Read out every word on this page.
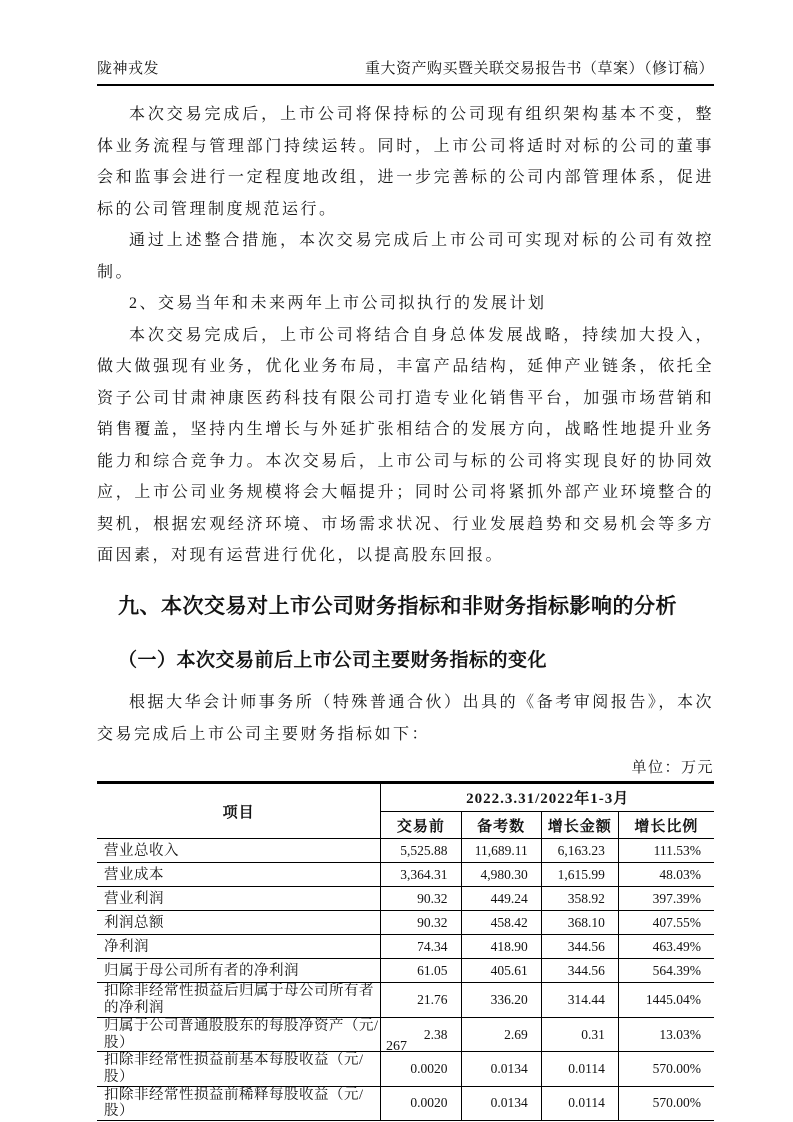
陇神戎发	重大资产购买暨关联交易报告书（草案）（修订稿）

本次交易完成后，上市公司将保持标的公司现有组织架构基本不变，整体业务流程与管理部门持续运转。同时，上市公司将适时对标的公司的董事会和监事会进行一定程度地改组，进一步完善标的公司内部管理体系，促进标的公司管理制度规范运行。

通过上述整合措施，本次交易完成后上市公司可实现对标的公司有效控制。

2、交易当年和未来两年上市公司拟执行的发展计划

本次交易完成后，上市公司将结合自身总体发展战略，持续加大投入，做大做强现有业务，优化业务布局，丰富产品结构，延伸产业链条，依托全资子公司甘肃神康医药科技有限公司打造专业化销售平台，加强市场营销和销售覆盖，坚持内生增长与外延扩张相结合的发展方向，战略性地提升业务能力和综合竞争力。本次交易后，上市公司与标的公司将实现良好的协同效应，上市公司业务规模将会大幅提升；同时公司将紧抓外部产业环境整合的契机，根据宏观经济环境、市场需求状况、行业发展趋势和交易机会等多方面因素，对现有运营进行优化，以提高股东回报。

九、本次交易对上市公司财务指标和非财务指标影响的分析
（一）本次交易前后上市公司主要财务指标的变化

根据大华会计师事务所（特殊普通合伙）出具的《备考审阅报告》，本次交易完成后上市公司主要财务指标如下：

单位：万元
项目	2022.3.31/2022年1-3月			
	交易前	备考数	增长金额	增长比例
营业总收入	5,525.88	11,689.11	6,163.23	111.53%
营业成本	3,364.31	4,980.30	1,615.99	48.03%
营业利润	90.32	449.24	358.92	397.39%
利润总额	90.32	458.42	368.10	407.55%
净利润	74.34	418.90	344.56	463.49%
归属于母公司所有者的净利润	61.05	405.61	344.56	564.39%
扣除非经常性损益后归属于母公司所有者的净利润	21.76	336.20	314.44	1445.04%
归属于公司普通股股东的每股净资产（元/股）	2.38	2.69	0.31	13.03%
扣除非经常性损益前基本每股收益（元/股）	0.0020	0.0134	0.0114	570.00%
扣除非经常性损益前稀释每股收益（元/股）	0.0020	0.0134	0.0114	570.00%
267
